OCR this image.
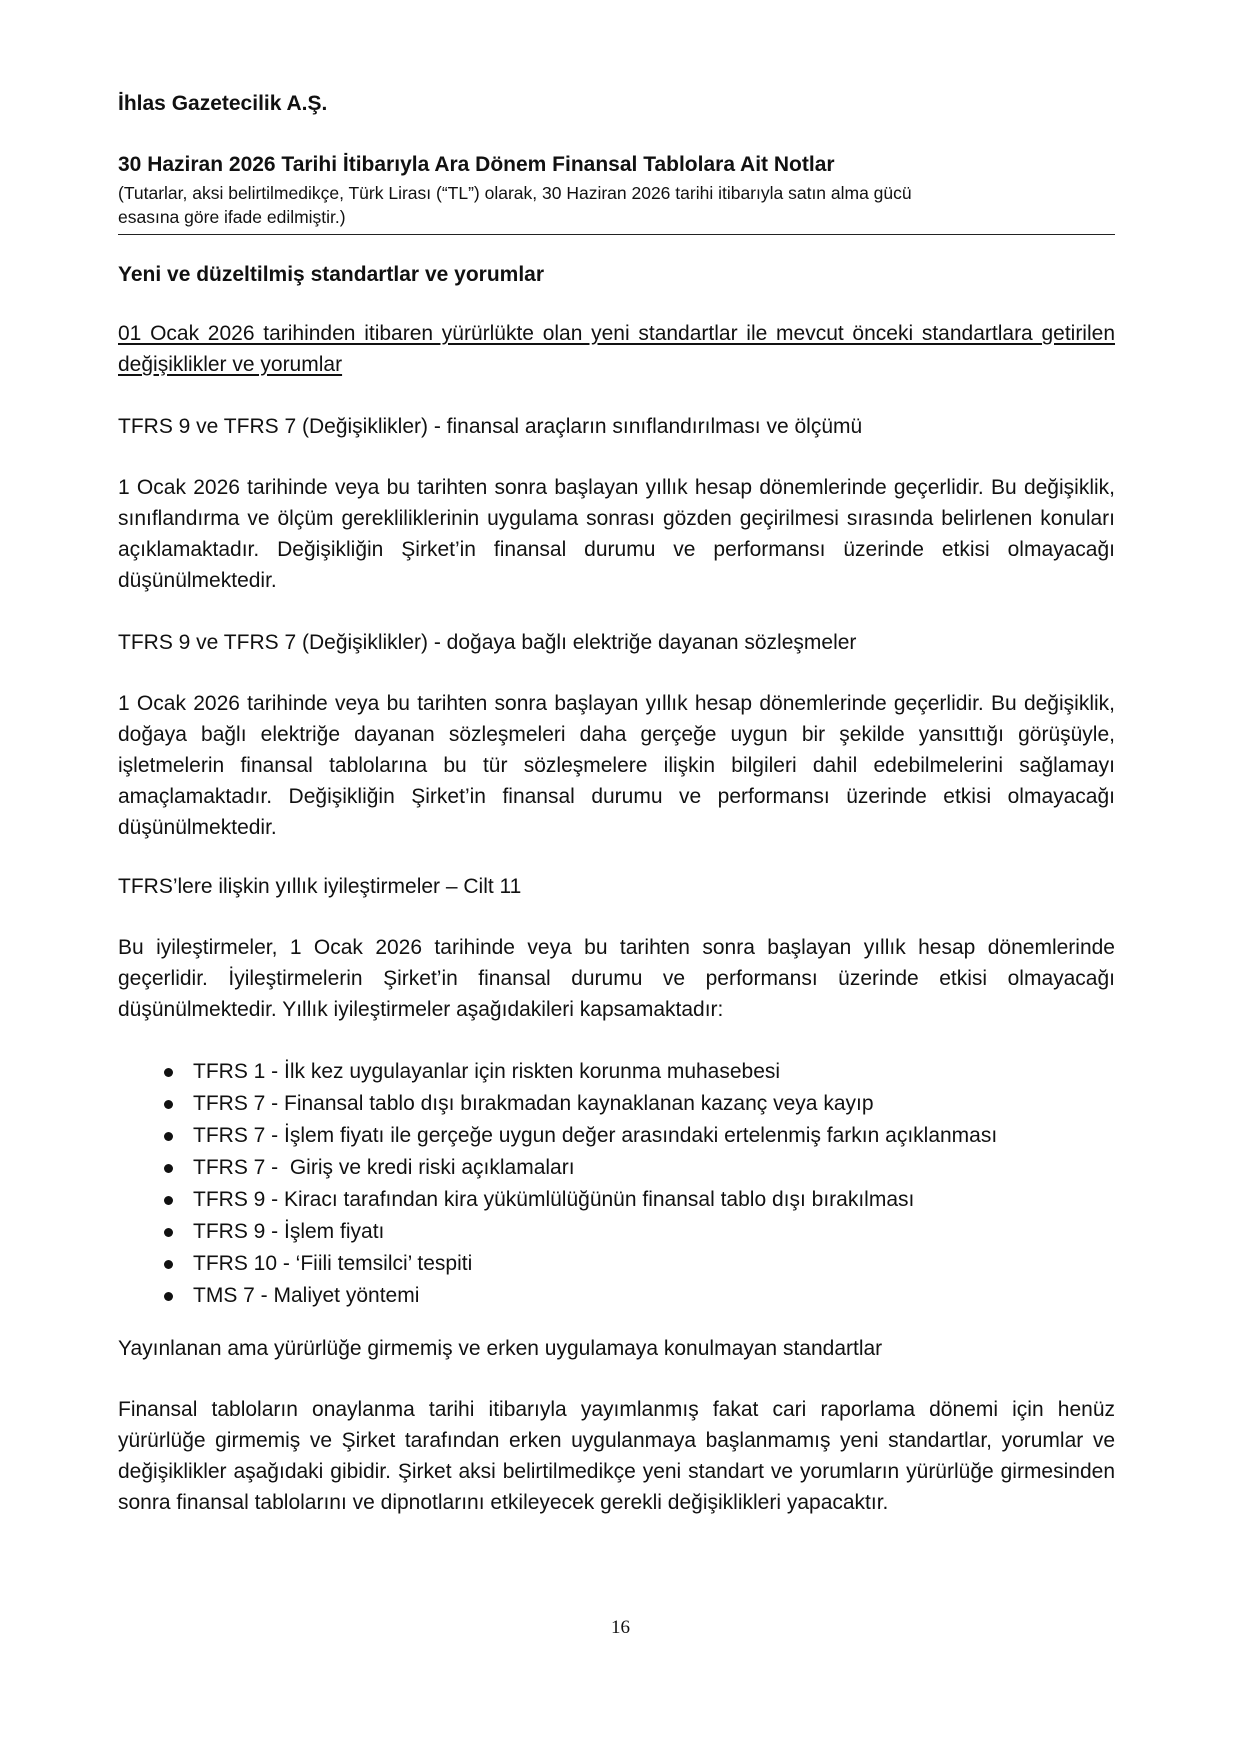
İhlas Gazetecilik A.Ş.

30 Haziran 2026 Tarihi İtibarıyla Ara Dönem Finansal Tablolara Ait Notlar

(Tutarlar, aksi belirtilmedikçe, Türk Lirası (“TL”) olarak, 30 Haziran 2026 tarihi itibarıyla satın alma gücü
esasına göre ifade edilmiştir.)

Yeni ve düzeltilmiş standartlar ve yorumlar

01 Ocak 2026 tarihinden itibaren yürürlükte olan yeni standartlar ile mevcut önceki standartlara getirilen değişiklikler ve yorumlar

TFRS 9 ve TFRS 7 (Değişiklikler) - finansal araçların sınıflandırılması ve ölçümü

1 Ocak 2026 tarihinde veya bu tarihten sonra başlayan yıllık hesap dönemlerinde geçerlidir. Bu değişiklik, sınıflandırma ve ölçüm gerekliliklerinin uygulama sonrası gözden geçirilmesi sırasında belirlenen konuları açıklamaktadır. Değişikliğin Şirket’in finansal durumu ve performansı üzerinde etkisi olmayacağı düşünülmektedir.

TFRS 9 ve TFRS 7 (Değişiklikler) - doğaya bağlı elektriğe dayanan sözleşmeler

1 Ocak 2026 tarihinde veya bu tarihten sonra başlayan yıllık hesap dönemlerinde geçerlidir. Bu değişiklik, doğaya bağlı elektriğe dayanan sözleşmeleri daha gerçeğe uygun bir şekilde yansıttığı görüşüyle, işletmelerin finansal tablolarına bu tür sözleşmelere ilişkin bilgileri dahil edebilmelerini sağlamayı amaçlamaktadır. Değişikliğin Şirket’in finansal durumu ve performansı üzerinde etkisi olmayacağı düşünülmektedir.

TFRS’lere ilişkin yıllık iyileştirmeler – Cilt 11

Bu iyileştirmeler, 1 Ocak 2026 tarihinde veya bu tarihten sonra başlayan yıllık hesap dönemlerinde geçerlidir. İyileştirmelerin Şirket’in finansal durumu ve performansı üzerinde etkisi olmayacağı düşünülmektedir. Yıllık iyileştirmeler aşağıdakileri kapsamaktadır:

TFRS 1 - İlk kez uygulayanlar için riskten korunma muhasebesi
TFRS 7 - Finansal tablo dışı bırakmadan kaynaklanan kazanç veya kayıp
TFRS 7 - İşlem fiyatı ile gerçeğe uygun değer arasındaki ertelenmiş farkın açıklanması
TFRS 7 -  Giriş ve kredi riski açıklamaları
TFRS 9 - Kiracı tarafından kira yükümlülüğünün finansal tablo dışı bırakılması
TFRS 9 - İşlem fiyatı
TFRS 10 - ‘Fiili temsilci’ tespiti
TMS 7 - Maliyet yöntemi

Yayınlanan ama yürürlüğe girmemiş ve erken uygulamaya konulmayan standartlar

Finansal tabloların onaylanma tarihi itibarıyla yayımlanmış fakat cari raporlama dönemi için henüz yürürlüğe girmemiş ve Şirket tarafından erken uygulanmaya başlanmamış yeni standartlar, yorumlar ve değişiklikler aşağıdaki gibidir. Şirket aksi belirtilmedikçe yeni standart ve yorumların yürürlüğe girmesinden sonra finansal tablolarını ve dipnotlarını etkileyecek gerekli değişiklikleri yapacaktır.

16
